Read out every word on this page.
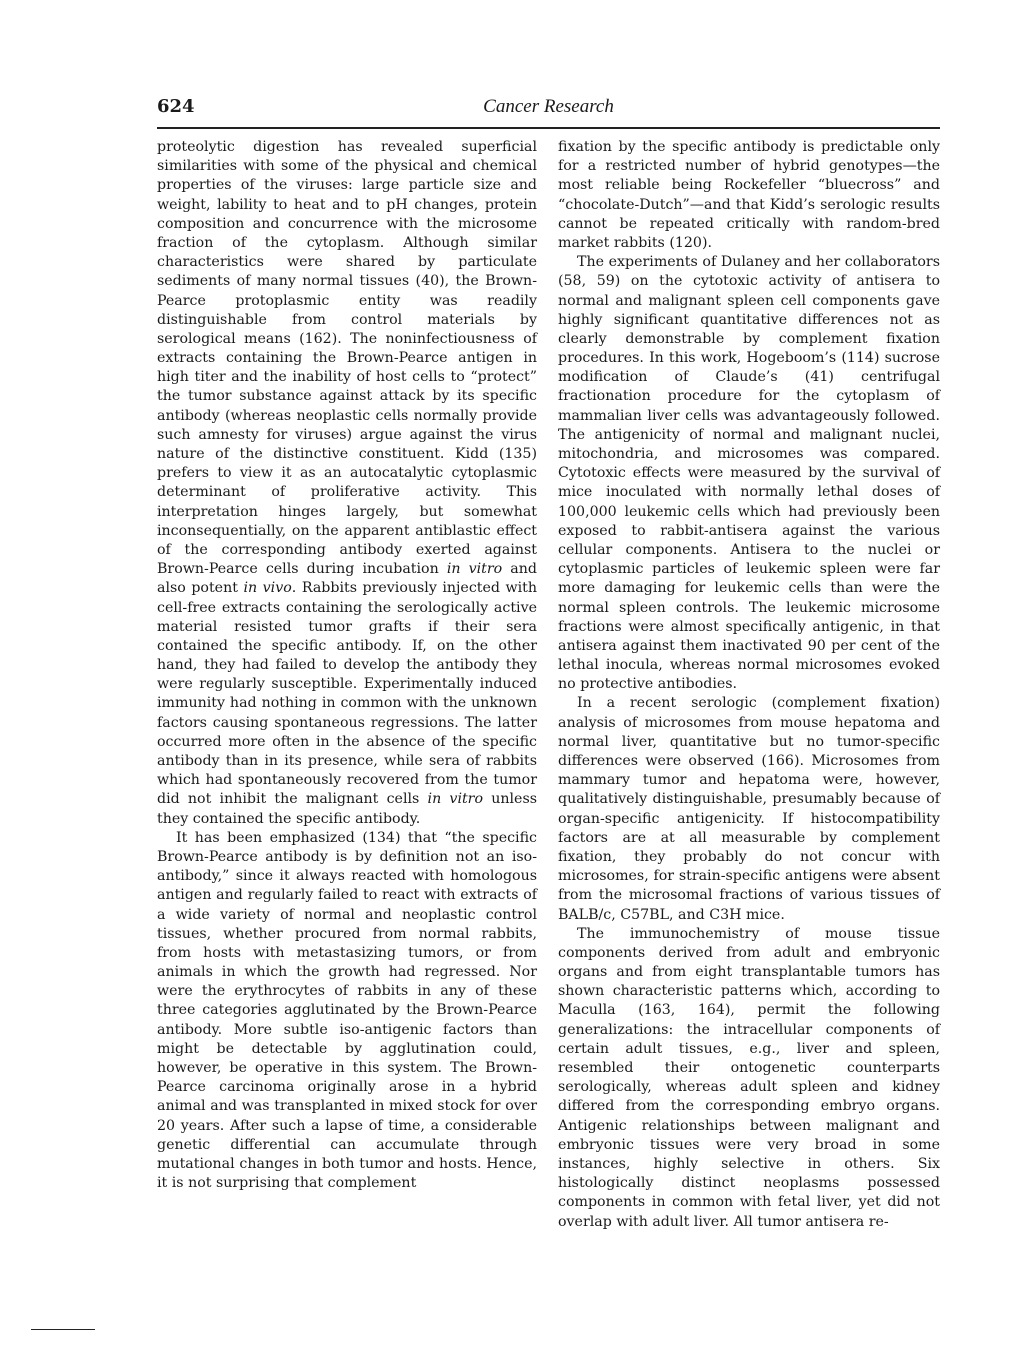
624	Cancer Research

proteolytic digestion has revealed superficial similarities with some of the physical and chemical properties of the viruses: large particle size and weight, lability to heat and to pH changes, protein composition and concurrence with the microsome fraction of the cytoplasm. Although similar characteristics were shared by particulate sediments of many normal tissues (40), the Brown-Pearce protoplasmic entity was readily distinguishable from control materials by serological means (162). The noninfectiousness of extracts containing the Brown-Pearce antigen in high titer and the inability of host cells to “protect” the tumor substance against attack by its specific antibody (whereas neoplastic cells normally provide such amnesty for viruses) argue against the virus nature of the distinctive constituent. Kidd (135) prefers to view it as an autocatalytic cytoplasmic determinant of proliferative activity. This interpretation hinges largely, but somewhat inconsequentially, on the apparent antiblastic effect of the corresponding antibody exerted against Brown-Pearce cells during incubation in vitro and also potent in vivo. Rabbits previously injected with cell-free extracts containing the serologically active material resisted tumor grafts if their sera contained the specific antibody. If, on the other hand, they had failed to develop the antibody they were regularly susceptible. Experimentally induced immunity had nothing in common with the unknown factors causing spontaneous regressions. The latter occurred more often in the absence of the specific antibody than in its presence, while sera of rabbits which had spontaneously recovered from the tumor did not inhibit the malignant cells in vitro unless they contained the specific antibody.

It has been emphasized (134) that “the specific Brown-Pearce antibody is by definition not an iso-antibody,” since it always reacted with homologous antigen and regularly failed to react with extracts of a wide variety of normal and neoplastic control tissues, whether procured from normal rabbits, from hosts with metastasizing tumors, or from animals in which the growth had regressed. Nor were the erythrocytes of rabbits in any of these three categories agglutinated by the Brown-Pearce antibody. More subtle iso-antigenic factors than might be detectable by agglutination could, however, be operative in this system. The Brown-Pearce carcinoma originally arose in a hybrid animal and was transplanted in mixed stock for over 20 years. After such a lapse of time, a considerable genetic differential can accumulate through mutational changes in both tumor and hosts. Hence, it is not surprising that complement

fixation by the specific antibody is predictable only for a restricted number of hybrid genotypes—the most reliable being Rockefeller “bluecross” and “chocolate-Dutch”—and that Kidd’s serologic results cannot be repeated critically with random-bred market rabbits (120).

The experiments of Dulaney and her collaborators (58, 59) on the cytotoxic activity of antisera to normal and malignant spleen cell components gave highly significant quantitative differences not as clearly demonstrable by complement fixation procedures. In this work, Hogeboom’s (114) sucrose modification of Claude’s (41) centrifugal fractionation procedure for the cytoplasm of mammalian liver cells was advantageously followed. The antigenicity of normal and malignant nuclei, mitochondria, and microsomes was compared. Cytotoxic effects were measured by the survival of mice inoculated with normally lethal doses of 100,000 leukemic cells which had previously been exposed to rabbit-antisera against the various cellular components. Antisera to the nuclei or cytoplasmic particles of leukemic spleen were far more damaging for leukemic cells than were the normal spleen controls. The leukemic microsome fractions were almost specifically antigenic, in that antisera against them inactivated 90 per cent of the lethal inocula, whereas normal microsomes evoked no protective antibodies.

In a recent serologic (complement fixation) analysis of microsomes from mouse hepatoma and normal liver, quantitative but no tumor-specific differences were observed (166). Microsomes from mammary tumor and hepatoma were, however, qualitatively distinguishable, presumably because of organ-specific antigenicity. If histocompatibility factors are at all measurable by complement fixation, they probably do not concur with microsomes, for strain-specific antigens were absent from the microsomal fractions of various tissues of BALB/c, C57BL, and C3H mice.

The immunochemistry of mouse tissue components derived from adult and embryonic organs and from eight transplantable tumors has shown characteristic patterns which, according to Maculla (163, 164), permit the following generalizations: the intracellular components of certain adult tissues, e.g., liver and spleen, resembled their ontogenetic counterparts serologically, whereas adult spleen and kidney differed from the corresponding embryo organs. Antigenic relationships between malignant and embryonic tissues were very broad in some instances, highly selective in others. Six histologically distinct neoplasms possessed components in common with fetal liver, yet did not overlap with adult liver. All tumor antisera re-
